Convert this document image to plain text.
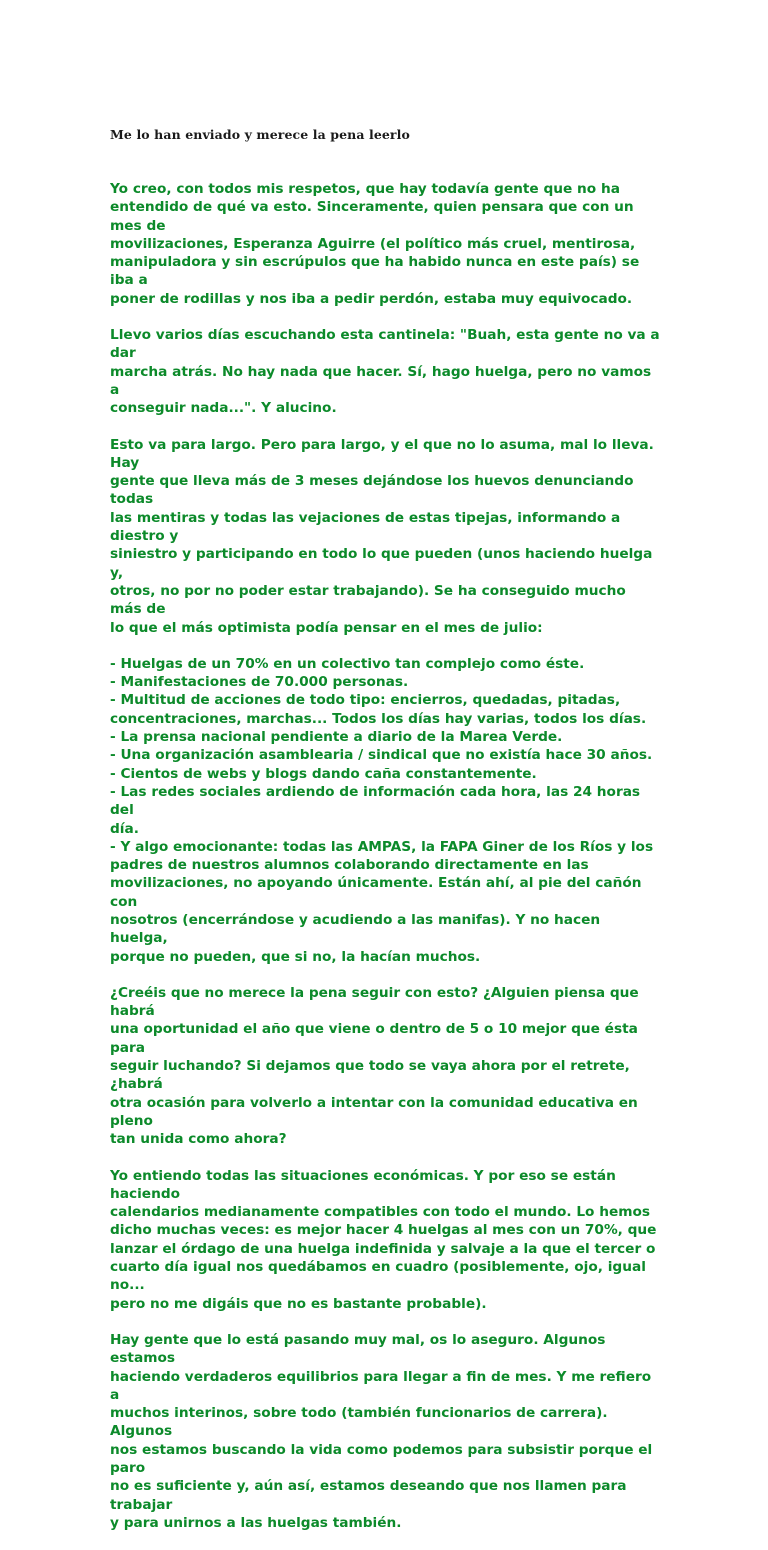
Me lo han enviado y merece la pena leerlo

Yo creo, con todos mis respetos, que hay todavía gente que no ha
entendido de qué va esto. Sinceramente, quien pensara que con un mes de
movilizaciones, Esperanza Aguirre (el político más cruel, mentirosa,
manipuladora y sin escrúpulos que ha habido nunca en este país) se iba a
poner de rodillas y nos iba a pedir perdón, estaba muy equivocado.

Llevo varios días escuchando esta cantinela: "Buah, esta gente no va a dar
marcha atrás. No hay nada que hacer. Sí, hago huelga, pero no vamos a
conseguir nada...". Y alucino.

Esto va para largo. Pero para largo, y el que no lo asuma, mal lo lleva. Hay
gente que lleva más de 3 meses dejándose los huevos denunciando todas
las mentiras y todas las vejaciones de estas tipejas, informando a diestro y
siniestro y participando en todo lo que pueden (unos haciendo huelga y,
otros, no por no poder estar trabajando). Se ha conseguido mucho más de
lo que el más optimista podía pensar en el mes de julio:

- Huelgas de un 70% en un colectivo tan complejo como éste.
- Manifestaciones de 70.000 personas.
- Multitud de acciones de todo tipo: encierros, quedadas, pitadas,
concentraciones, marchas... Todos los días hay varias, todos los días.
- La prensa nacional pendiente a diario de la Marea Verde.
- Una organización asamblearia / sindical que no existía hace 30 años.
- Cientos de webs y blogs dando caña constantemente.
- Las redes sociales ardiendo de información cada hora, las 24 horas del
día.
- Y algo emocionante: todas las AMPAS, la FAPA Giner de los Ríos y los
padres de nuestros alumnos colaborando directamente en las
movilizaciones, no apoyando únicamente. Están ahí, al pie del cañón con
nosotros (encerrándose y acudiendo a las manifas). Y no hacen huelga,
porque no pueden, que si no, la hacían muchos.

¿Creéis que no merece la pena seguir con esto? ¿Alguien piensa que habrá
una oportunidad el año que viene o dentro de 5 o 10 mejor que ésta para
seguir luchando? Si dejamos que todo se vaya ahora por el retrete, ¿habrá
otra ocasión para volverlo a intentar con la comunidad educativa en pleno
tan unida como ahora?

Yo entiendo todas las situaciones económicas. Y por eso se están haciendo
calendarios medianamente compatibles con todo el mundo. Lo hemos
dicho muchas veces: es mejor hacer 4 huelgas al mes con un 70%, que
lanzar el órdago de una huelga indefinida y salvaje a la que el tercer o
cuarto día igual nos quedábamos en cuadro (posiblemente, ojo, igual no...
pero no me digáis que no es bastante probable).

Hay gente que lo está pasando muy mal, os lo aseguro. Algunos estamos
haciendo verdaderos equilibrios para llegar a fin de mes. Y me refiero a
muchos interinos, sobre todo (también funcionarios de carrera). Algunos
nos estamos buscando la vida como podemos para subsistir porque el paro
no es suficiente y, aún así, estamos deseando que nos llamen para trabajar
y para unirnos a las huelgas también.
